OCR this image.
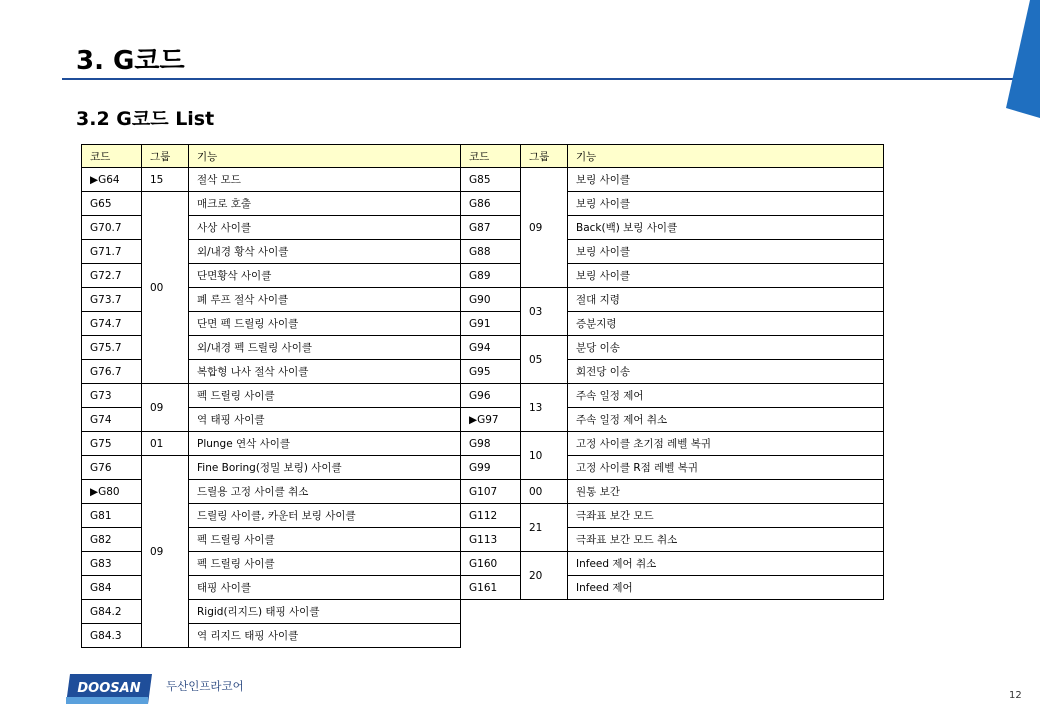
3. G코드
3.2 G코드 List
코드	그룹	기능
▶G64	15	절삭 모드
G65	00	매크로 호출
G70.7		사상 사이클
G71.7		외/내경 황삭 사이클
G72.7		단면황삭 사이클
G73.7		폐 루프 절삭 사이클
G74.7		단면 펙 드릴링 사이클
G75.7		외/내경 펙 드릴링 사이클
G76.7		복합형 나사 절삭 사이클
G73	09	펙 드릴링 사이클
G74		역 태핑 사이클
G75	01	Plunge 연삭 사이클
G76	09	Fine Boring(정밀 보링) 사이클
▶G80		드릴용 고정 사이클 취소
G81		드릴링 사이클, 카운터 보링 사이클
G82		펙 드릴링 사이클
G83		펙 드릴링 사이클
G84		태핑 사이클
G84.2		Rigid(리지드) 태핑 사이클
G84.3		역 리지드 태핑 사이클
코드	그룹	기능
G85	09	보링 사이클
G86		보링 사이클
G87		Back(백) 보링 사이클
G88		보링 사이클
G89		보링 사이클
G90	03	절대 지령
G91		증분지령
G94	05	분당 이송
G95		회전당 이송
G96	13	주속 일정 제어
▶G97		주속 일정 제어 취소
G98	10	고정 사이클 초기점 레벨 복귀
G99		고정 사이클 R점 레벨 복귀
G107	00	원통 보간
G112	21	극좌표 보간 모드
G113		극좌표 보간 모드 취소
G160	20	Infeed 제어 취소
G161		Infeed 제어
DOOSAN 두산인프라코어
12
